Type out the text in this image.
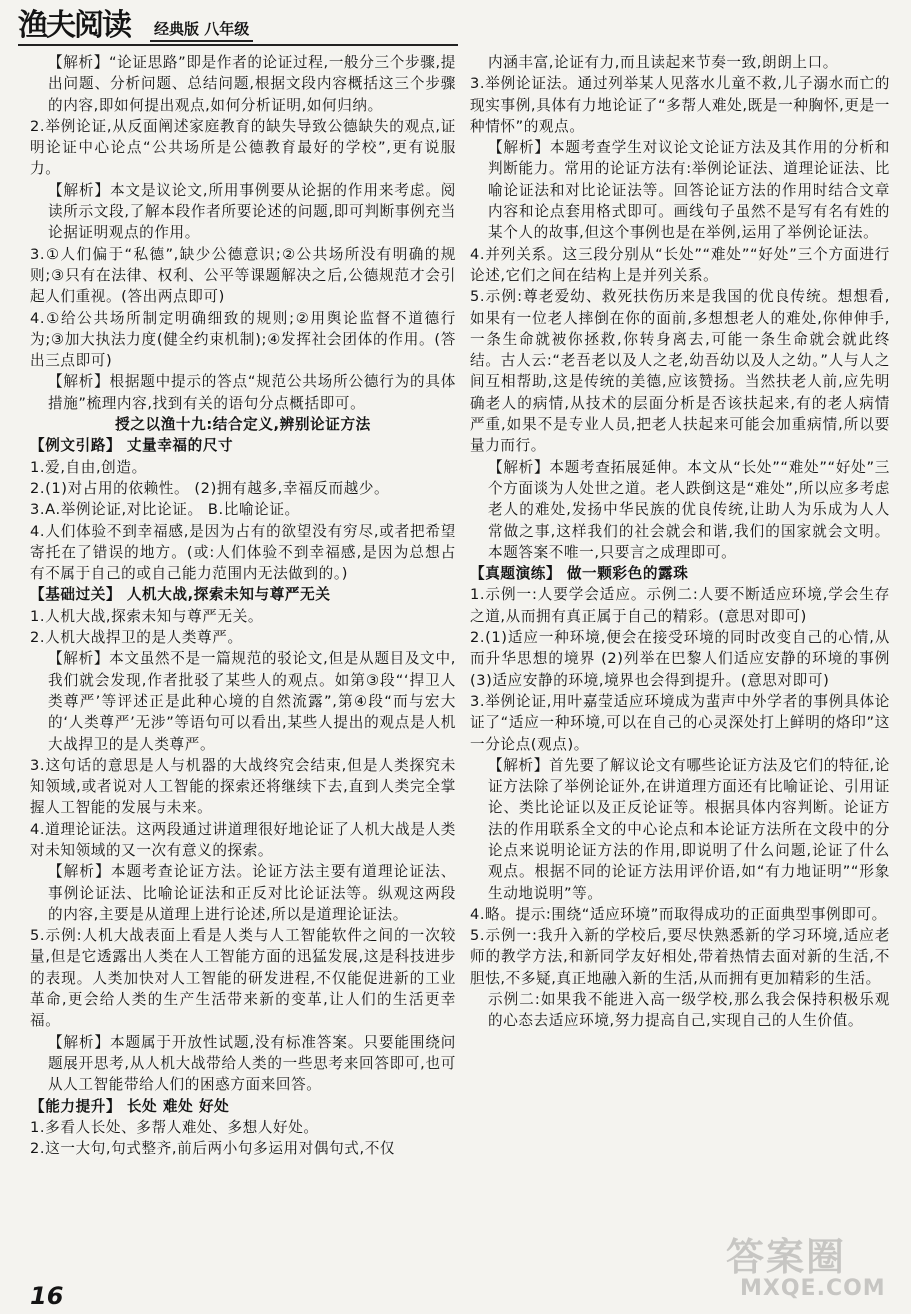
渔夫阅读 经典版 八年级

【解析】“论证思路”即是作者的论证过程,一般分三个步骤,提出问题、分析问题、总结问题,根据文段内容概括这三个步骤的内容,即如何提出观点,如何分析证明,如何归纳。

2.举例论证,从反面阐述家庭教育的缺失导致公德缺失的观点,证明论证中心论点“公共场所是公德教育最好的学校”,更有说服力。

【解析】本文是议论文,所用事例要从论据的作用来考虑。阅读所示文段,了解本段作者所要论述的问题,即可判断事例充当论据证明观点的作用。

3.①人们偏于“私德”,缺少公德意识;②公共场所没有明确的规则;③只有在法律、权利、公平等课题解决之后,公德规范才会引起人们重视。(答出两点即可)

4.①给公共场所制定明确细致的规则;②用舆论监督不道德行为;③加大执法力度(健全约束机制);④发挥社会团体的作用。(答出三点即可)

【解析】根据题中提示的答点“规范公共场所公德行为的具体措施”梳理内容,找到有关的语句分点概括即可。

授之以渔十九:结合定义,辨别论证方法

【例文引路】 丈量幸福的尺寸

1.爱,自由,创造。

2.(1)对占用的依赖性。 (2)拥有越多,幸福反而越少。

3.A.举例论证,对比论证。 B.比喻论证。

4.人们体验不到幸福感,是因为占有的欲望没有穷尽,或者把希望寄托在了错误的地方。(或:人们体验不到幸福感,是因为总想占有不属于自己的或自己能力范围内无法做到的。)

【基础过关】 人机大战,探索未知与尊严无关

1.人机大战,探索未知与尊严无关。

2.人机大战捍卫的是人类尊严。

【解析】本文虽然不是一篇规范的驳论文,但是从题目及文中,我们就会发现,作者批驳了某些人的观点。如第③段“‘捍卫人类尊严’等评述正是此种心境的自然流露”,第④段“而与宏大的‘人类尊严’无涉”等语句可以看出,某些人提出的观点是人机大战捍卫的是人类尊严。

3.这句话的意思是人与机器的大战终究会结束,但是人类探究未知领域,或者说对人工智能的探索还将继续下去,直到人类完全掌握人工智能的发展与未来。

4.道理论证法。这两段通过讲道理很好地论证了人机大战是人类对未知领域的又一次有意义的探索。

【解析】本题考查论证方法。论证方法主要有道理论证法、事例论证法、比喻论证法和正反对比论证法等。纵观这两段的内容,主要是从道理上进行论述,所以是道理论证法。

5.示例:人机大战表面上看是人类与人工智能软件之间的一次较量,但是它透露出人类在人工智能方面的迅猛发展,这是科技进步的表现。人类加快对人工智能的研发进程,不仅能促进新的工业革命,更会给人类的生产生活带来新的变革,让人们的生活更幸福。

【解析】本题属于开放性试题,没有标准答案。只要能围绕问题展开思考,从人机大战带给人类的一些思考来回答即可,也可从人工智能带给人们的困惑方面来回答。

【能力提升】 长处 难处 好处

1.多看人长处、多帮人难处、多想人好处。

2.这一大句,句式整齐,前后两小句多运用对偶句式,不仅

内涵丰富,论证有力,而且读起来节奏一致,朗朗上口。

3.举例论证法。通过列举某人见落水儿童不救,儿子溺水而亡的现实事例,具体有力地论证了“多帮人难处,既是一种胸怀,更是一种情怀”的观点。

【解析】本题考查学生对议论文论证方法及其作用的分析和判断能力。常用的论证方法有:举例论证法、道理论证法、比喻论证法和对比论证法等。回答论证方法的作用时结合文章内容和论点套用格式即可。画线句子虽然不是写有名有姓的某个人的故事,但这个事例也是在举例,运用了举例论证法。

4.并列关系。这三段分别从“长处”“难处”“好处”三个方面进行论述,它们之间在结构上是并列关系。

5.示例:尊老爱幼、救死扶伤历来是我国的优良传统。想想看,如果有一位老人摔倒在你的面前,多想想老人的难处,你伸伸手,一条生命就被你拯救,你转身离去,可能一条生命就会就此终结。古人云:“老吾老以及人之老,幼吾幼以及人之幼。”人与人之间互相帮助,这是传统的美德,应该赞扬。当然扶老人前,应先明确老人的病情,从技术的层面分析是否该扶起来,有的老人病情严重,如果不是专业人员,把老人扶起来可能会加重病情,所以要量力而行。

【解析】本题考查拓展延伸。本文从“长处”“难处”“好处”三个方面谈为人处世之道。老人跌倒这是“难处”,所以应多考虑老人的难处,发扬中华民族的优良传统,让助人为乐成为人人常做之事,这样我们的社会就会和谐,我们的国家就会文明。本题答案不唯一,只要言之成理即可。

【真题演练】 做一颗彩色的露珠

1.示例一:人要学会适应。示例二:人要不断适应环境,学会生存之道,从而拥有真正属于自己的精彩。(意思对即可)

2.(1)适应一种环境,便会在接受环境的同时改变自己的心情,从而升华思想的境界 (2)列举在巴黎人们适应安静的环境的事例 (3)适应安静的环境,境界也会得到提升。(意思对即可)

3.举例论证,用叶嘉莹适应环境成为蜚声中外学者的事例具体论证了“适应一种环境,可以在自己的心灵深处打上鲜明的烙印”这一分论点(观点)。

【解析】首先要了解议论文有哪些论证方法及它们的特征,论证方法除了举例论证外,在讲道理方面还有比喻证论、引用证论、类比论证以及正反论证等。根据具体内容判断。论证方法的作用联系全文的中心论点和本论证方法所在文段中的分论点来说明论证方法的作用,即说明了什么问题,论证了什么观点。根据不同的论证方法用评价语,如“有力地证明”“形象生动地说明”等。

4.略。提示:围绕“适应环境”而取得成功的正面典型事例即可。

5.示例一:我升入新的学校后,要尽快熟悉新的学习环境,适应老师的教学方法,和新同学友好相处,带着热情去面对新的生活,不胆怯,不多疑,真正地融入新的生活,从而拥有更加精彩的生活。

示例二:如果我不能进入高一级学校,那么我会保持积极乐观的心态去适应环境,努力提高自己,实现自己的人生价值。

16
答案圈
MXQE.COM
